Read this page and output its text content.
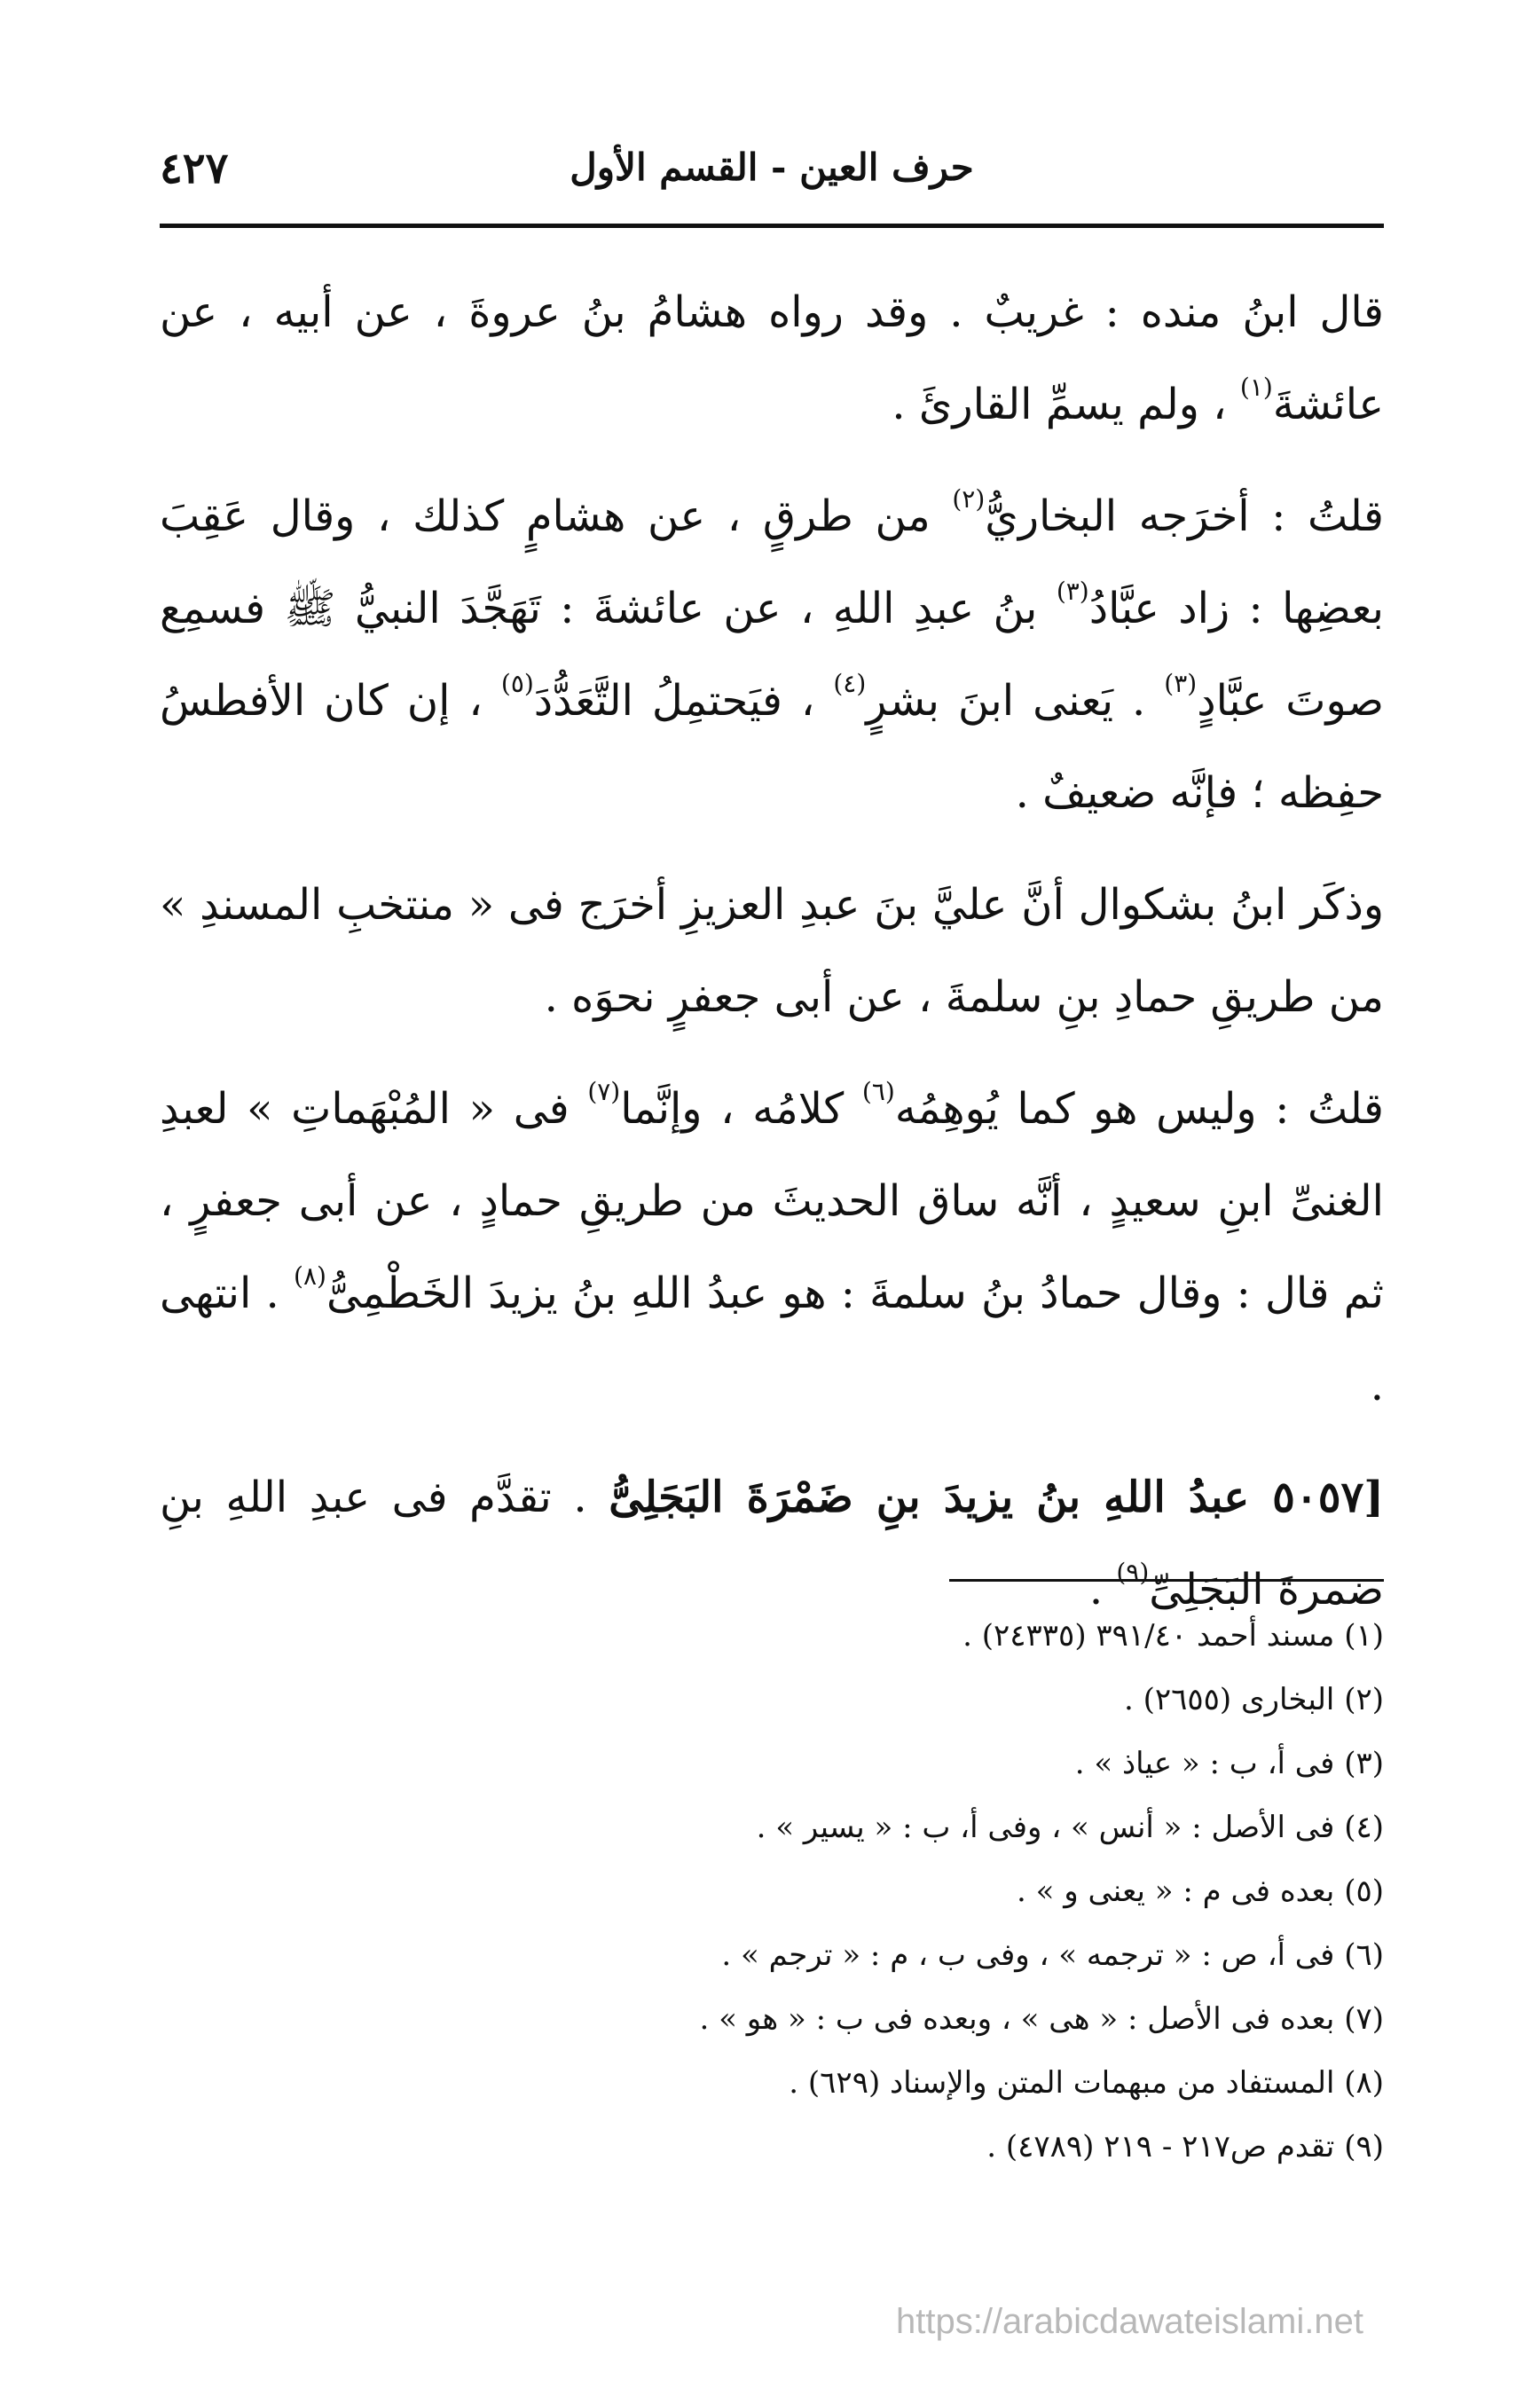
٤٢٧	حرف العين - القسم الأول

قال ابنُ منده : غريبٌ . وقد رواه هشامُ بنُ عروةَ ، عن أبيه ، عن عائشةَ$^{(١)}$ ، ولم يسمِّ القارئَ .

قلتُ : أخرَجه البخاريُّ$^{(٢)}$ من طرقٍ ، عن هشامٍ كذلك ، وقال عَقِبَ بعضِها : زاد عبَّادُ$^{(٣)}$ بنُ عبدِ اللهِ ، عن عائشةَ : تَهَجَّدَ النبيُّ ﷺ فسمِع صوتَ عبَّادٍ$^{(٣)}$ . يَعنى ابنَ بشرٍ$^{(٤)}$ ، فيَحتمِلُ التَّعَدُّدَ$^{(٥)}$ ، إن كان الأفطسُ حفِظه ؛ فإنَّه ضعيفٌ .

وذكَر ابنُ بشكوال أنَّ عليَّ بنَ عبدِ العزيزِ أخرَج فى « منتخبِ المسندِ » من طريقِ حمادِ بنِ سلمةَ ، عن أبى جعفرٍ نحوَه .

قلتُ : وليس هو كما يُوهِمُه$^{(٦)}$ كلامُه ، وإنَّما$^{(٧)}$ فى « المُبْهَماتِ » لعبدِ الغنىِّ ابنِ سعيدٍ ، أنَّه ساق الحديثَ من طريقِ حمادٍ ، عن أبى جعفرٍ ، ثم قال : وقال حمادُ بنُ سلمةَ : هو عبدُ اللهِ بنُ يزيدَ الخَطْمِىُّ$^{(٨)}$ . انتهى .

[٥٠٥٧ عبدُ اللهِ بنُ يزيدَ بنِ ضَمْرَةَ البَجَلِىُّ . تقدَّم فى عبدِ اللهِ بنِ ضمرةَ البَجَلِىِّ$^{(٩)}$ .

(١) مسند أحمد ٣٩١/٤٠ (٢٤٣٣٥) .
(٢) البخارى (٢٦٥٥) .
(٣) فى أ، ب : « عياذ » .
(٤) فى الأصل : « أنس » ، وفى أ، ب : « يسير » .
(٥) بعده فى م : « يعنى و » .
(٦) فى أ، ص : « ترجمه » ، وفى ب ، م : « ترجم » .
(٧) بعده فى الأصل : « هى » ، وبعده فى ب : « هو » .
(٨) المستفاد من مبهمات المتن والإسناد (٦٢٩) .
(٩) تقدم ص٢١٧ - ٢١٩ (٤٧٨٩) .
https://arabicdawateislami.net
